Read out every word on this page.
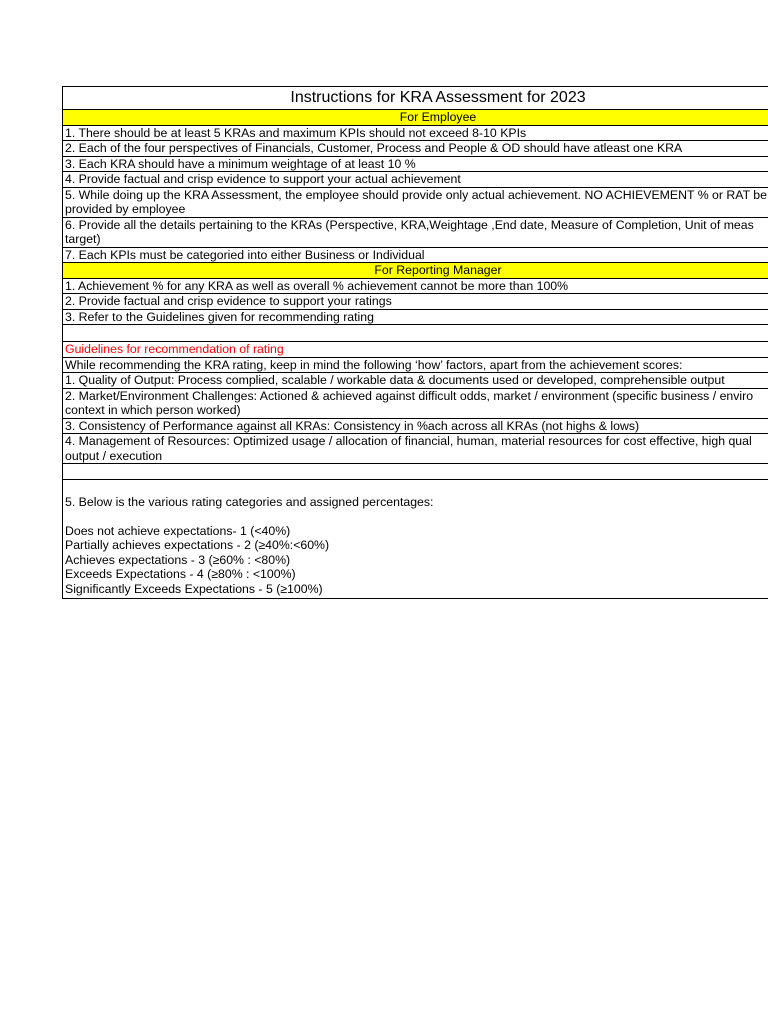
Instructions for KRA Assessment for 2023
For Employee
1. There should be at least 5 KRAs and maximum KPIs should not exceed 8-10 KPIs
2. Each of the four perspectives of Financials, Customer, Process and People & OD should have atleast one KRA
3. Each KRA should have a minimum weightage of at least 10 %
4. Provide factual and crisp evidence to support your actual achievement
5. While doing up the KRA Assessment, the employee should provide only actual achievement. NO ACHIEVEMENT % or RAT be provided by employee
6. Provide all the details pertaining to the KRAs (Perspective, KRA,Weightage ,End date, Measure of Completion, Unit of meas target)
7. Each KPIs must be categoried into either Business or Individual
For Reporting Manager
1. Achievement % for any KRA as well as overall % achievement cannot be more than 100%
2. Provide factual and crisp evidence to support your ratings
3. Refer to the Guidelines given for recommending rating
Guidelines for recommendation of rating
While recommending the KRA rating, keep in mind the following ‘how’ factors, apart from the achievement scores:
1. Quality of Output: Process complied, scalable / workable data & documents used or developed, comprehensible output
2. Market/Environment Challenges: Actioned & achieved against difficult odds, market / environment (specific business / enviro context in which person worked)
3. Consistency of Performance against all KRAs: Consistency in %ach across all KRAs (not highs & lows)
4. Management of Resources: Optimized usage / allocation of financial, human, material resources for cost effective, high qual output / execution
5. Below is the various rating categories and assigned percentages:
Does not achieve expectations- 1 (<40%)
Partially achieves expectations - 2 (≥40%:<60%)
Achieves expectations - 3 (≥60% : <80%)
Exceeds Expectations - 4 (≥80% : <100%)
Significantly Exceeds Expectations - 5 (≥100%)
